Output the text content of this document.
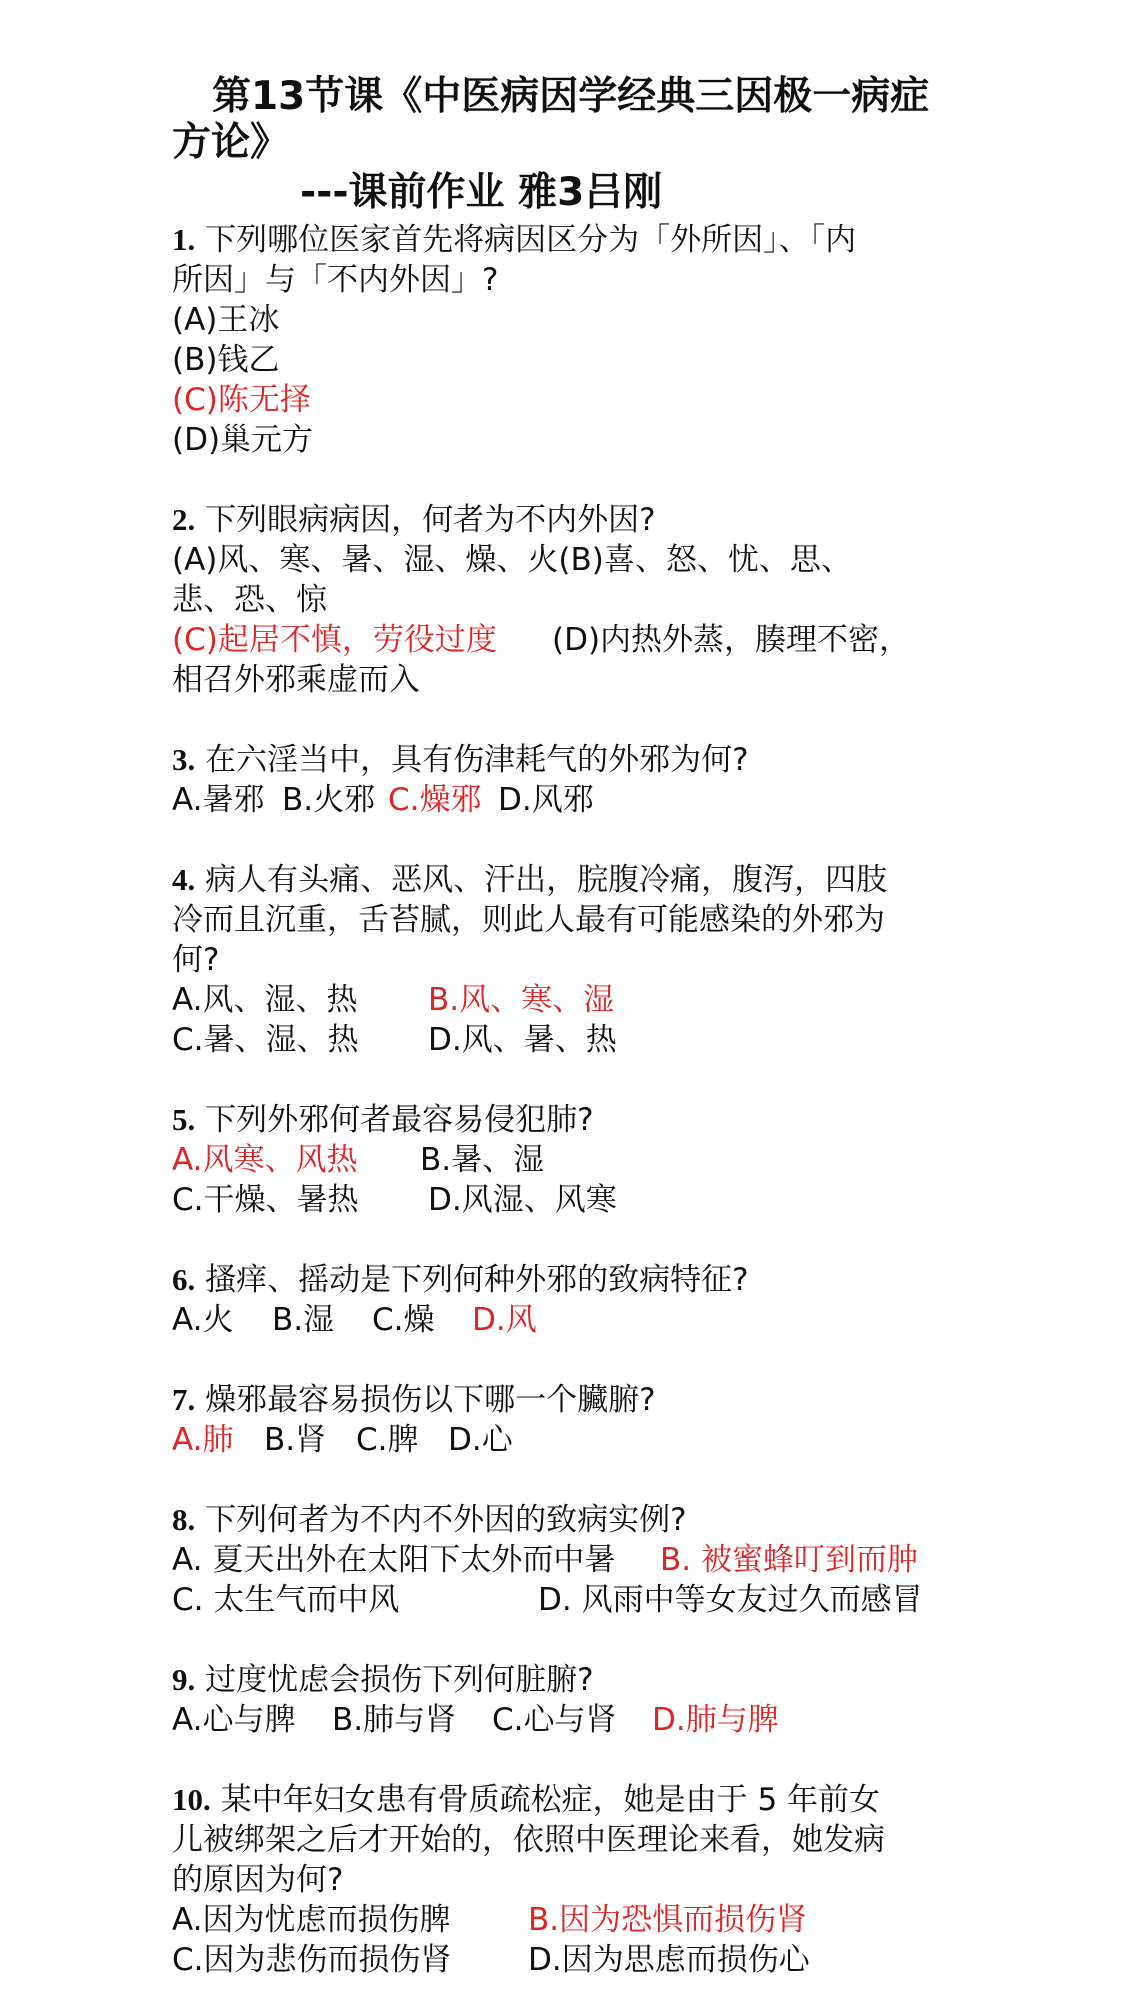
第13节课《中医病因学经典三因极一病症
方论》
---课前作业 雅3吕刚
1. 下列哪位医家首先将病因区分为「外所因」、「内
所因」与「不内外因」?
(A)王冰
(B)钱乙
(C)陈无择
(D)巢元方
2. 下列眼病病因，何者为不内外因?
(A)风、寒、暑、湿、燥、火(B)喜、怒、忧、思、
悲、恐、惊
(C)起居不慎，劳役过度 (D)内热外蒸，腠理不密，
相召外邪乘虚而入
3. 在六淫当中，具有伤津耗气的外邪为何?
A.暑邪 B.火邪 C.燥邪 D.风邪
4. 病人有头痛、恶风、汗出，脘腹冷痛，腹泻，四肢
冷而且沉重，舌苔腻，则此人最有可能感染的外邪为
何?
A.风、湿、热 B.风、寒、湿
C.暑、湿、热 D.风、暑、热
5. 下列外邪何者最容易侵犯肺?
A.风寒、风热 B.暑、湿
C.干燥、暑热 D.风湿、风寒
6. 搔痒、摇动是下列何种外邪的致病特征?
A.火 B.湿 C.燥 D.风
7. 燥邪最容易损伤以下哪一个臟腑?
A.肺 B.肾 C.脾 D.心
8. 下列何者为不内不外因的致病实例?
A. 夏天出外在太阳下太外而中暑 B. 被蜜蜂叮到而肿
C. 太生气而中风	D. 风雨中等女友过久而感冒
9. 过度忧虑会损伤下列何脏腑?
A.心与脾 B.肺与肾 C.心与肾 D.肺与脾
10. 某中年妇女患有骨质疏松症，她是由于 5 年前女
儿被绑架之后才开始的，依照中医理论来看，她发病
的原因为何?
A.因为忧虑而损伤脾 B.因为恐惧而损伤肾
C.因为悲伤而损伤肾 D.因为思虑而损伤心
